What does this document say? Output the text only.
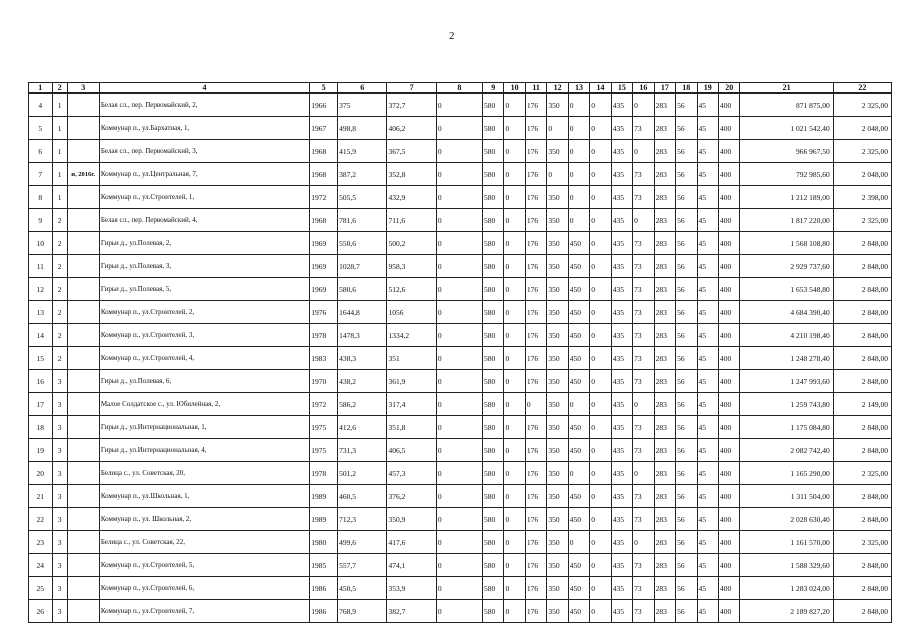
2
1	2	3	4	5	6	7	8	9	10	11	12	13	14	15	16	17	18	19	20	21	22
4	1		Белая сл., пер. Первомайский, 2,	1966	375	372,7	0	580	0	176	350	0	0	435	0	283	56	45	400	871 875,00	2 325,00
5	1		Коммунар п., ул.Бархатная, 1,	1967	498,8	406,2	0	580	0	176	0	0	0	435	73	283	56	45	400	1 021 542,40	2 048,00
6	1		Белая сл., пер. Первомайский, 3,	1968	415,9	367,5	0	580	0	176	350	0	0	435	0	283	56	45	400	966 967,50	2 325,00
7	1	и, 2016г.	Коммунар п., ул.Центральная, 7,	1968	387,2	352,8	0	580	0	176	0	0	0	435	73	283	56	45	400	792 985,60	2 048,00
8	1		Коммунар п., ул.Строителей, 1,	1972	505,5	432,9	0	580	0	176	350	0	0	435	73	283	56	45	400	1 212 189,00	2 398,00
9	2		Белая сл., пер. Первомайский, 4,	1968	781,6	711,6	0	580	0	176	350	0	0	435	0	283	56	45	400	1 817 220,00	2 325,00
10	2		Гирьи д., ул.Полевая, 2,	1969	550,6	500,2	0	580	0	176	350	450	0	435	73	283	56	45	400	1 568 108,80	2 848,00
11	2		Гирьи д., ул.Полевая, 3,	1969	1028,7	958,3	0	580	0	176	350	450	0	435	73	283	56	45	400	2 929 737,60	2 848,00
12	2		Гирьи д., ул.Полевая, 5,	1969	580,6	512,6	0	580	0	176	350	450	0	435	73	283	56	45	400	1 653 548,80	2 848,00
13	2		Коммунар п., ул.Строителей, 2,	1976	1644,8	1056	0	580	0	176	350	450	0	435	73	283	56	45	400	4 684 390,40	2 848,00
14	2		Коммунар п., ул.Строителей, 3,	1978	1478,3	1334,2	0	580	0	176	350	450	0	435	73	283	56	45	400	4 210 198,40	2 848,00
15	2		Коммунар п., ул.Строителей, 4,	1983	438,3	351	0	580	0	176	350	450	0	435	73	283	56	45	400	1 248 278,40	2 848,00
16	3		Гирьи д., ул.Полевая, 6,	1970	438,2	361,9	0	580	0	176	350	450	0	435	73	283	56	45	400	1 247 993,60	2 848,00
17	3		Малое Солдатское с., ул. Юбилейная, 2,	1972	586,2	317,4	0	580	0	0	350	0	0	435	0	283	56	45	400	1 259 743,80	2 149,00
18	3		Гирьи д., ул.Интернациональная, 1,	1975	412,6	351,8	0	580	0	176	350	450	0	435	73	283	56	45	400	1 175 084,80	2 848,00
19	3		Гирьи д., ул.Интернациональная, 4,	1975	731,3	406,5	0	580	0	176	350	450	0	435	73	283	56	45	400	2 082 742,40	2 848,00
20	3		Белица с., ул. Советская, 20,	1978	501,2	457,3	0	580	0	176	350	0	0	435	0	283	56	45	400	1 165 290,00	2 325,00
21	3		Коммунар п., ул.Школьная, 1,	1989	460,5	376,2	0	580	0	176	350	450	0	435	73	283	56	45	400	1 311 504,00	2 848,00
22	3		Коммунар п., ул. Школьная, 2,	1989	712,3	350,9	0	580	0	176	350	450	0	435	73	283	56	45	400	2 028 630,40	2 848,00
23	3		Белица с., ул. Советская, 22,	1980	499,6	417,6	0	580	0	176	350	0	0	435	0	283	56	45	400	1 161 570,00	2 325,00
24	3		Коммунар п., ул.Строителей, 5,	1985	557,7	474,1	0	580	0	176	350	450	0	435	73	283	56	45	400	1 588 329,60	2 848,00
25	3		Коммунар п., ул.Строителей, 6,	1986	450,5	353,9	0	580	0	176	350	450	0	435	73	283	56	45	400	1 283 024,00	2 848,00
26	3		Коммунар п., ул.Строителей, 7,	1986	768,9	382,7	0	580	0	176	350	450	0	435	73	283	56	45	400	2 189 827,20	2 848,00
